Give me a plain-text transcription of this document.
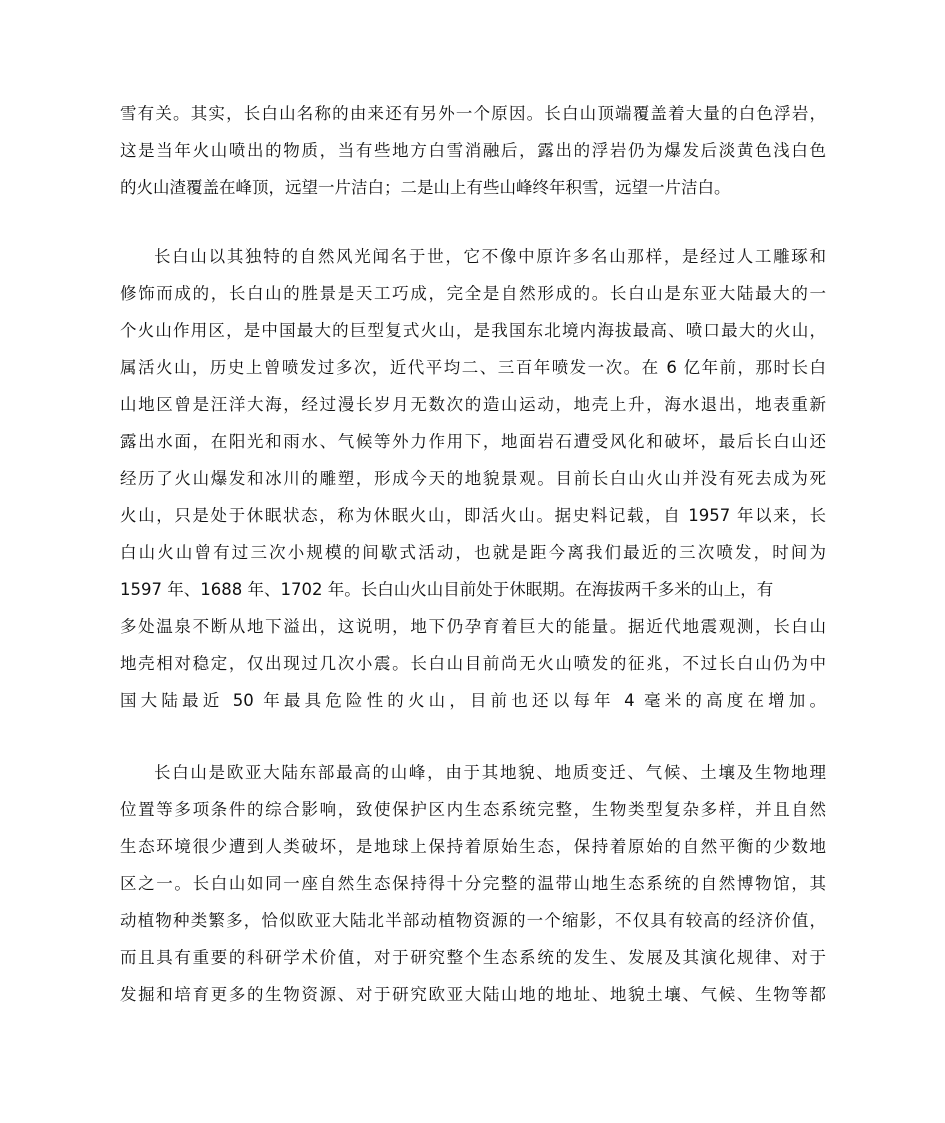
雪有关。其实，长白山名称的由来还有另外一个原因。长白山顶端覆盖着大量的白色浮岩，
这是当年火山喷出的物质，当有些地方白雪消融后，露出的浮岩仍为爆发后淡黄色浅白色
的火山渣覆盖在峰顶，远望一片洁白；二是山上有些山峰终年积雪，远望一片洁白。
长白山以其独特的自然风光闻名于世，它不像中原许多名山那样，是经过人工雕琢和
修饰而成的，长白山的胜景是天工巧成，完全是自然形成的。长白山是东亚大陆最大的一
个火山作用区，是中国最大的巨型复式火山，是我国东北境内海拔最高、喷口最大的火山，
属活火山，历史上曾喷发过多次，近代平均二、三百年喷发一次。在 6 亿年前，那时长白
山地区曾是汪洋大海，经过漫长岁月无数次的造山运动，地壳上升，海水退出，地表重新
露出水面，在阳光和雨水、气候等外力作用下，地面岩石遭受风化和破坏，最后长白山还
经历了火山爆发和冰川的雕塑，形成今天的地貌景观。目前长白山火山并没有死去成为死
火山，只是处于休眠状态，称为休眠火山，即活火山。据史料记载，自 1957 年以来，长
白山火山曾有过三次小规模的间歇式活动，也就是距今离我们最近的三次喷发，时间为
1597 年、1688 年、1702 年。长白山火山目前处于休眠期。在海拔两千多米的山上，有
多处温泉不断从地下溢出，这说明，地下仍孕育着巨大的能量。据近代地震观测，长白山
地壳相对稳定，仅出现过几次小震。长白山目前尚无火山喷发的征兆，不过长白山仍为中
国大陆最近 50 年最具危险性的火山，目前也还以每年 4 毫米的高度在增加。
长白山是欧亚大陆东部最高的山峰，由于其地貌、地质变迁、气候、土壤及生物地理
位置等多项条件的综合影响，致使保护区内生态系统完整，生物类型复杂多样，并且自然
生态环境很少遭到人类破坏，是地球上保持着原始生态，保持着原始的自然平衡的少数地
区之一。长白山如同一座自然生态保持得十分完整的温带山地生态系统的自然博物馆，其
动植物种类繁多，恰似欧亚大陆北半部动植物资源的一个缩影，不仅具有较高的经济价值，
而且具有重要的科研学术价值，对于研究整个生态系统的发生、发展及其演化规律、对于
发掘和培育更多的生物资源、对于研究欧亚大陆山地的地址、地貌土壤、气候、生物等都
